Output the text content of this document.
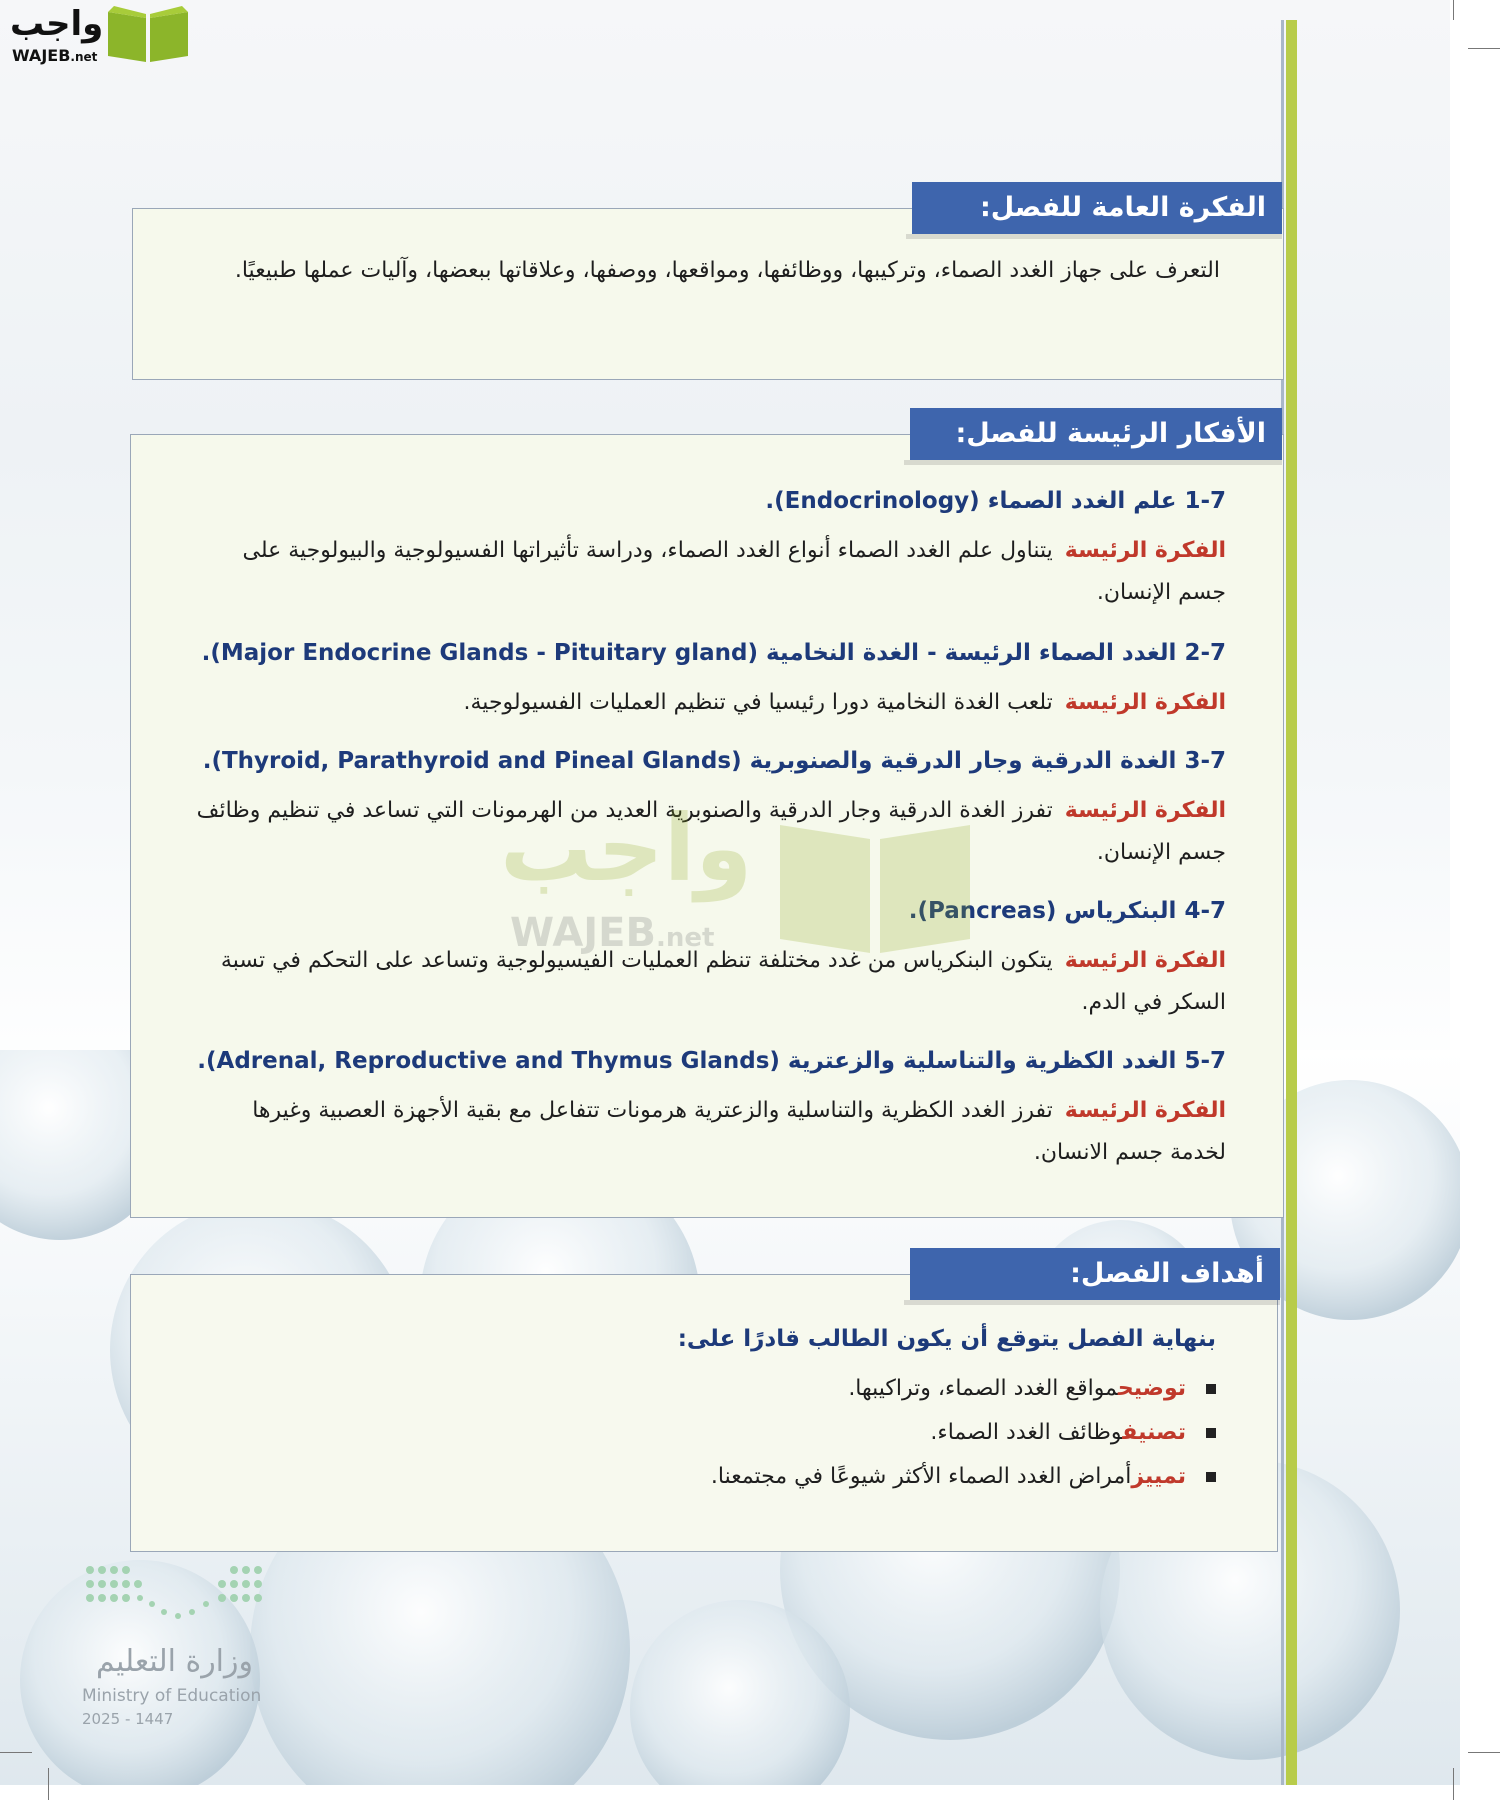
واجب
WAJEB.net
الفكرة العامة للفصل:
التعرف على جهاز الغدد الصماء، وتركيبها، ووظائفها، ومواقعها، ووصفها، وعلاقاتها ببعضها، وآليات عملها طبيعيًا.
الأفكار الرئيسة للفصل:
1-7 علم الغدد الصماء (Endocrinology).
الفكرة الرئيسةيتناول علم الغدد الصماء أنواع الغدد الصماء، ودراسة تأثيراتها الفسيولوجية والبيولوجية على جسم الإنسان.
2-7 الغدد الصماء الرئيسة - الغدة النخامية (Major Endocrine Glands - Pituitary gland).
الفكرة الرئيسةتلعب الغدة النخامية دورا رئيسيا في تنظيم العمليات الفسيولوجية.
3-7 الغدة الدرقية وجار الدرقية والصنوبرية (Thyroid, Parathyroid and Pineal Glands).
الفكرة الرئيسةتفرز الغدة الدرقية وجار الدرقية والصنوبرية العديد من الهرمونات التي تساعد في تنظيم وظائف جسم الإنسان.
4-7 البنكرياس (Pancreas).
الفكرة الرئيسةيتكون البنكرياس من غدد مختلفة تنظم العمليات الفيسيولوجية وتساعد على التحكم في تسبة السكر في الدم.
5-7 الغدد الكظرية والتناسلية والزعترية (Adrenal, Reproductive and Thymus Glands).
الفكرة الرئيسةتفرز الغدد الكظرية والتناسلية والزعترية هرمونات تتفاعل مع بقية الأجهزة العصبية وغيرها لخدمة جسم الانسان.
واجب
WAJEB.net
أهداف الفصل:
بنهاية الفصل يتوقع أن يكون الطالب قادرًا على:
توضيحمواقع الغدد الصماء، وتراكيبها.
تصنيفوظائف الغدد الصماء.
تمييزأمراض الغدد الصماء الأكثر شيوعًا في مجتمعنا.
وزارة التعليم
Ministry of Education
2025 - 1447
